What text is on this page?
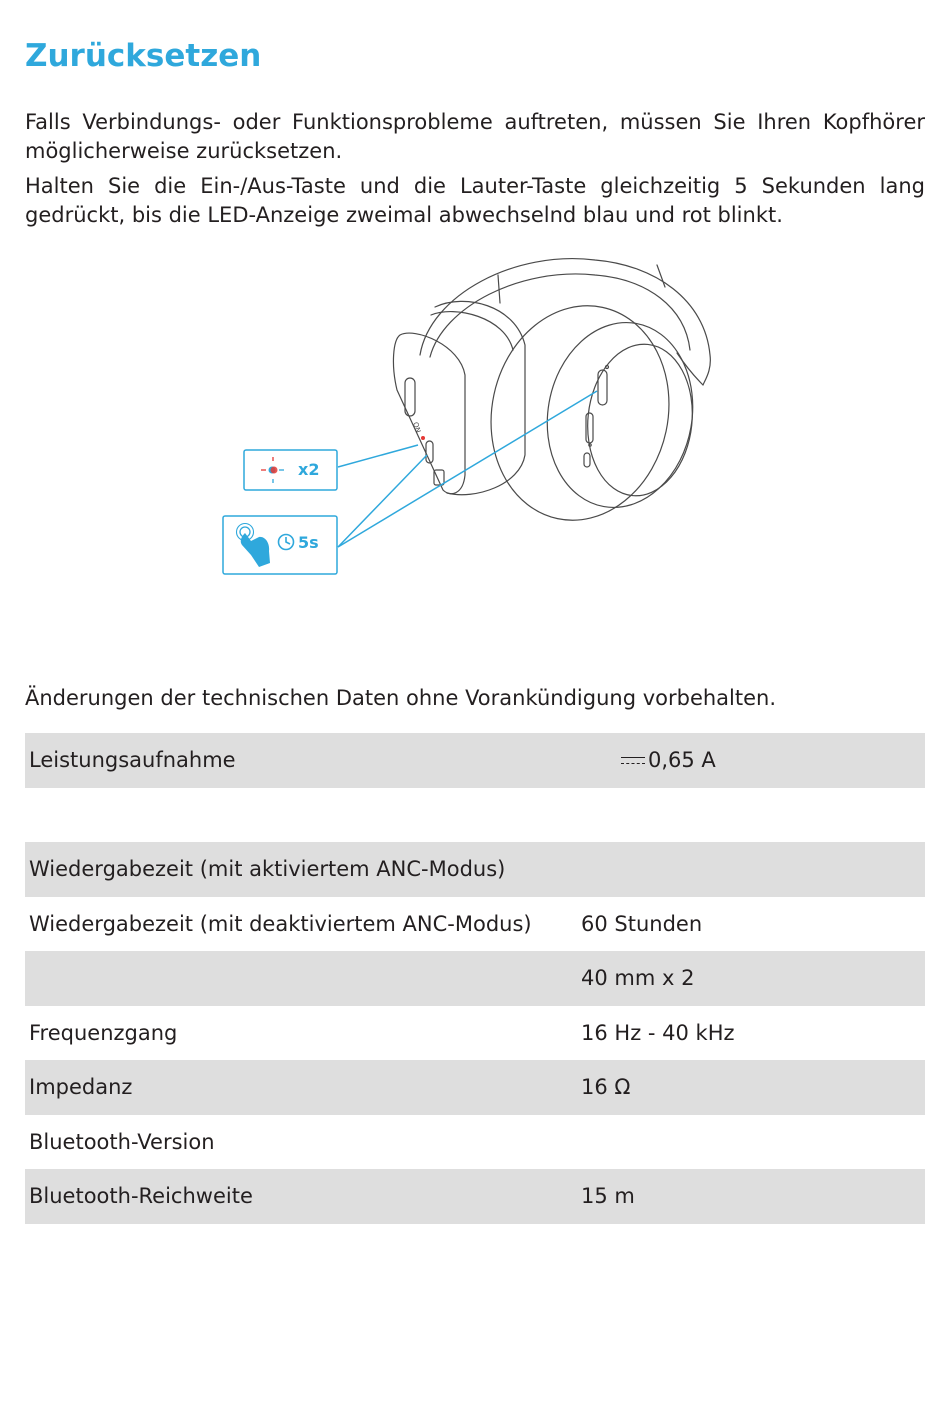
Zurücksetzen

Falls Verbindungs- oder Funktionsprobleme auftreten, müssen Sie Ihren Kopfhörer möglicherweise zurücksetzen.

Halten Sie die Ein-/Aus-Taste und die Lauter-Taste gleichzeitig 5 Sekunden lang gedrückt, bis die LED-Anzeige zweimal abwechselnd blau und rot blinkt.

ON
x2
5s

Änderungen der technischen Daten ohne Vorankündigung vorbehalten.

Leistungsaufnahme	0,65 A
Wiedergabezeit (mit aktiviertem ANC-Modus)	
Wiedergabezeit (mit deaktiviertem ANC-Modus)	60 Stunden
	40 mm x 2
Frequenzgang	16 Hz - 40 kHz
Impedanz	16 Ω
Bluetooth-Version	
Bluetooth-Reichweite	15 m
